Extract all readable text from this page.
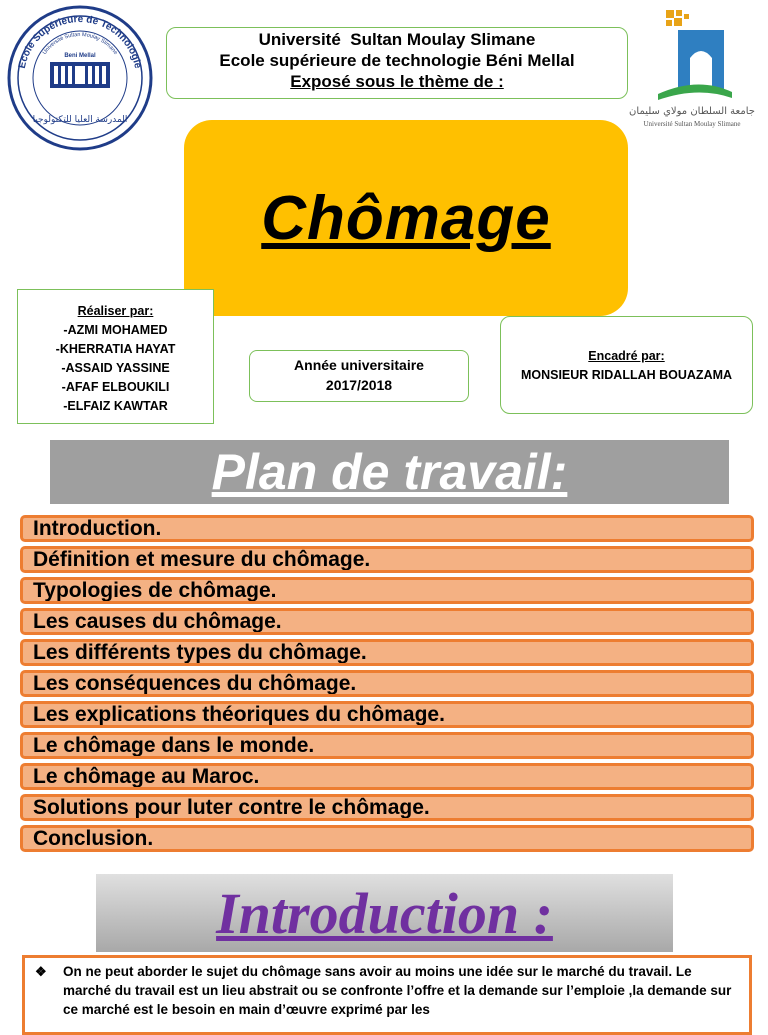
Ecole Supérieure de Technologie
Université Sultan Moulay Slimane
Beni Mellal
المدرسة العليا للتكنولوجيا
جامعة السلطان مولاي سليمان
Université Sultan Moulay Slimane
Université  Sultan Moulay Slimane
Ecole supérieure de technologie Béni Mellal
Exposé sous le thème de :
Chômage
Réaliser par:
-AZMI MOHAMED
-KHERRATIA HAYAT
-ASSAID YASSINE
-AFAF ELBOUKILI
-ELFAIZ KAWTAR
Année universitaire
2017/2018
Encadré par:
MONSIEUR RIDALLAH BOUAZAMA
Plan de travail:
Introduction.
Définition et mesure du chômage.
Typologies de chômage.
Les causes du chômage.
Les différents types du chômage.
Les conséquences du chômage.
Les explications théoriques du chômage.
Le chômage dans le monde.
Le chômage au Maroc.
Solutions pour luter contre le chômage.
Conclusion.
Introduction :
❖ On ne peut aborder le sujet du chômage sans avoir au moins une idée sur le marché du travail. Le marché du travail est un lieu abstrait ou se confronte l’offre et la demande sur l’emploie ,la demande sur ce marché est le besoin en main d’œuvre exprimé par les
